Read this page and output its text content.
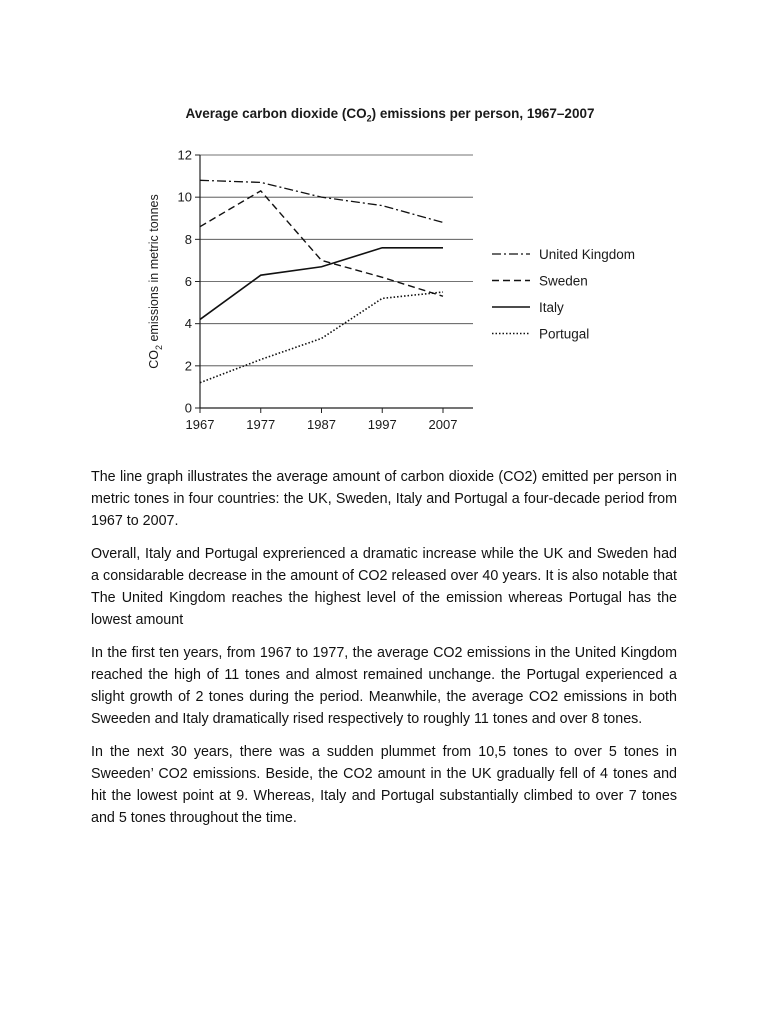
Average carbon dioxide $(CO_2)$ emissions per person, 1967–2007
0
2
4
6
8
10
12
1967 1977 1987 1997 2007
$CO_2$ emissions in metric tonnes	United Kingdom
Sweden
Italy
Portugal

The line graph illustrates the average amount of carbon dioxide (CO2) emitted per person in metric tones in four countries: the UK, Sweden, Italy and Portugal a four-decade period from 1967 to 2007.

Overall, Italy and Portugal exprerienced a dramatic increase while the UK and Sweden had a considarable decrease in the amount of CO2 released over 40 years. It is also notable that The United Kingdom reaches the highest level of the emission whereas Portugal has the lowest amount

In the first ten years, from 1967 to 1977, the average CO2 emissions in the United Kingdom reached the high of 11 tones and almost remained unchange. the Portugal experienced a slight growth of 2 tones during the period. Meanwhile, the average CO2 emissions in both Sweeden and Italy dramatically rised respectively to roughly 11 tones and over 8 tones.

In the next 30 years, there was a sudden plummet from 10,5 tones to over 5 tones in Sweeden’ CO2 emissions. Beside, the CO2 amount in the UK gradually fell of 4 tones and hit the lowest point at 9. Whereas, Italy and Portugal substantially climbed to over 7 tones and 5 tones throughout the time.
